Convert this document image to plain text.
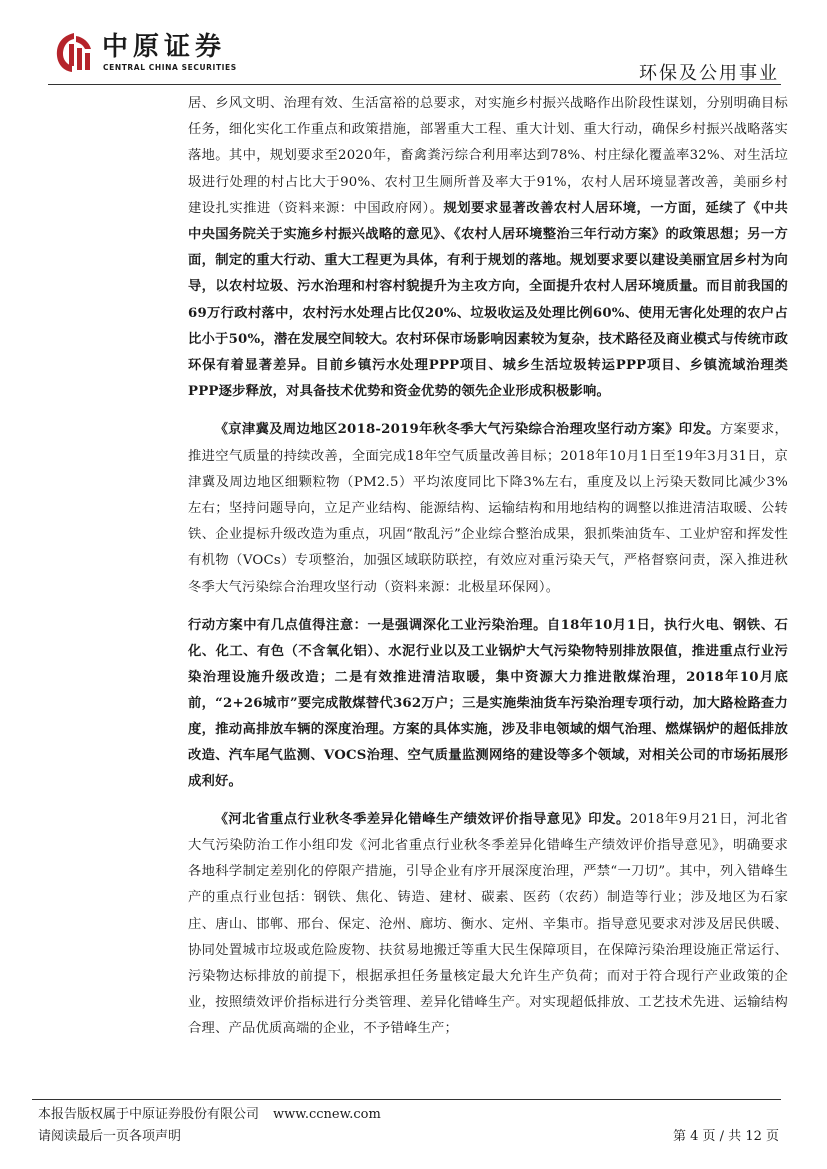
中原证券
CENTRAL CHINA SECURITIES	环保及公用事业

居、乡风文明、治理有效、生活富裕的总要求，对实施乡村振兴战略作出阶段性谋划，分别明确目标任务，细化实化工作重点和政策措施，部署重大工程、重大计划、重大行动，确保乡村振兴战略落实落地。其中，规划要求至2020年，畜禽粪污综合利用率达到78%、村庄绿化覆盖率32%、对生活垃圾进行处理的村占比大于90%、农村卫生厕所普及率大于91%，农村人居环境显著改善，美丽乡村建设扎实推进（资料来源：中国政府网）。规划要求显著改善农村人居环境，一方面，延续了《中共中央国务院关于实施乡村振兴战略的意见》、《农村人居环境整治三年行动方案》的政策思想；另一方面，制定的重大行动、重大工程更为具体，有利于规划的落地。规划要求要以建设美丽宜居乡村为向导，以农村垃圾、污水治理和村容村貌提升为主攻方向，全面提升农村人居环境质量。而目前我国的69万行政村落中，农村污水处理占比仅20%、垃圾收运及处理比例60%、使用无害化处理的农户占比小于50%，潜在发展空间较大。农村环保市场影响因素较为复杂，技术路径及商业模式与传统市政环保有着显著差异。目前乡镇污水处理PPP项目、城乡生活垃圾转运PPP项目、乡镇流域治理类PPP逐步释放，对具备技术优势和资金优势的领先企业形成积极影响。

《京津冀及周边地区2018-2019年秋冬季大气污染综合治理攻坚行动方案》印发。方案要求，推进空气质量的持续改善，全面完成18年空气质量改善目标；2018年10月1日至19年3月31日，京津冀及周边地区细颗粒物（PM2.5）平均浓度同比下降3%左右，重度及以上污染天数同比减少3%左右；坚持问题导向，立足产业结构、能源结构、运输结构和用地结构的调整以推进清洁取暖、公转铁、企业提标升级改造为重点，巩固“散乱污”企业综合整治成果，狠抓柴油货车、工业炉窑和挥发性有机物（VOCs）专项整治，加强区域联防联控，有效应对重污染天气，严格督察问责，深入推进秋冬季大气污染综合治理攻坚行动（资料来源：北极星环保网）。

行动方案中有几点值得注意：一是强调深化工业污染治理。自18年10月1日，执行火电、钢铁、石化、化工、有色（不含氧化铝）、水泥行业以及工业锅炉大气污染物特别排放限值，推进重点行业污染治理设施升级改造；二是有效推进清洁取暖，集中资源大力推进散煤治理，2018年10月底前，“2+26城市”要完成散煤替代362万户；三是实施柴油货车污染治理专项行动，加大路检路查力度，推动高排放车辆的深度治理。方案的具体实施，涉及非电领域的烟气治理、燃煤锅炉的超低排放改造、汽车尾气监测、VOCS治理、空气质量监测网络的建设等多个领域，对相关公司的市场拓展形成利好。

《河北省重点行业秋冬季差异化错峰生产绩效评价指导意见》印发。2018年9月21日，河北省大气污染防治工作小组印发《河北省重点行业秋冬季差异化错峰生产绩效评价指导意见》，明确要求各地科学制定差别化的停限产措施，引导企业有序开展深度治理，严禁“一刀切”。其中，列入错峰生产的重点行业包括：钢铁、焦化、铸造、建材、碳素、医药（农药）制造等行业；涉及地区为石家庄、唐山、邯郸、邢台、保定、沧州、廊坊、衡水、定州、辛集市。指导意见要求对涉及居民供暖、协同处置城市垃圾或危险废物、扶贫易地搬迁等重大民生保障项目，在保障污染治理设施正常运行、污染物达标排放的前提下，根据承担任务量核定最大允许生产负荷；而对于符合现行产业政策的企业，按照绩效评价指标进行分类管理、差异化错峰生产。对实现超低排放、工艺技术先进、运输结构合理、产品优质高端的企业，不予错峰生产；

本报告版权属于中原证券股份有限公司 www.ccnew.com
请阅读最后一页各项声明	第 4 页 / 共 12 页
